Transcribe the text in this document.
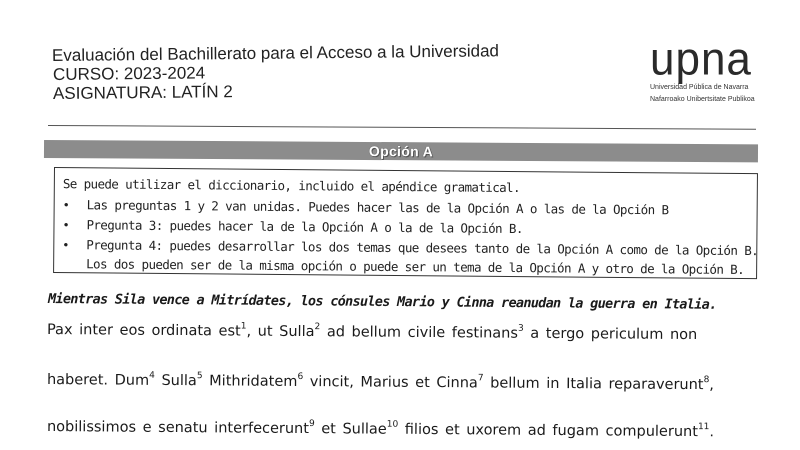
Evaluación del Bachillerato para el Acceso a la Universidad
CURSO: 2023-2024
ASIGNATURA: LATÍN 2
upna
Universidad Pública de Navarra
Nafarroako Unibertsitate Publikoa
Opción A
Se puede utilizar el diccionario, incluido el apéndice gramatical.
• Las preguntas 1 y 2 van unidas. Puedes hacer las de la Opción A o las de la Opción B
• Pregunta 3: puedes hacer la de la Opción A o la de la Opción B.
• Pregunta 4: puedes desarrollar los dos temas que desees tanto de la Opción A como de la Opción B.
Los dos pueden ser de la misma opción o puede ser un tema de la Opción A y otro de la Opción B.
Mientras Sila vence a Mitrídates, los cónsules Mario y Cinna reanudan la guerra en Italia.
Pax inter eos ordinata est$^1$, ut Sulla$^2$ ad bellum civile festinans$^3$ a tergo periculum non
haberet. Dum$^4$ Sulla$^5$ Mithridatem$^6$ vincit, Marius et Cinna$^7$ bellum in Italia reparaverunt$^8$,
nobilissimos e senatu interfecerunt$^9$ et Sullae$^{10}$ filios et uxorem ad fugam compulerunt$^{11}$.
